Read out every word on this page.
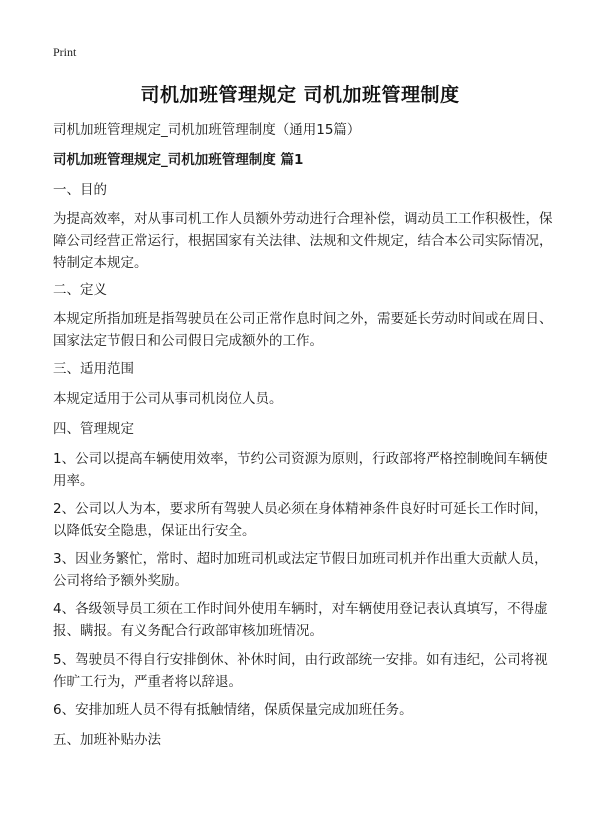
Print
司机加班管理规定 司机加班管理制度
司机加班管理规定_司机加班管理制度（通用15篇）
司机加班管理规定_司机加班管理制度 篇1
一、目的
为提高效率，对从事司机工作人员额外劳动进行合理补偿，调动员工工作积极性，保障公司经营正常运行，根据国家有关法律、法规和文件规定，结合本公司实际情况，特制定本规定。
二、定义
本规定所指加班是指驾驶员在公司正常作息时间之外，需要延长劳动时间或在周日、国家法定节假日和公司假日完成额外的工作。
三、适用范围
本规定适用于公司从事司机岗位人员。
四、管理规定
1、公司以提高车辆使用效率，节约公司资源为原则，行政部将严格控制晚间车辆使用率。
2、公司以人为本，要求所有驾驶人员必须在身体精神条件良好时可延长工作时间，以降低安全隐患，保证出行安全。
3、因业务繁忙，常时、超时加班司机或法定节假日加班司机并作出重大贡献人员，公司将给予额外奖励。
4、各级领导员工须在工作时间外使用车辆时，对车辆使用登记表认真填写，不得虚报、瞒报。有义务配合行政部审核加班情况。
5、驾驶员不得自行安排倒休、补休时间，由行政部统一安排。如有违纪，公司将视作旷工行为，严重者将以辞退。
6、安排加班人员不得有抵触情绪，保质保量完成加班任务。
五、加班补贴办法
